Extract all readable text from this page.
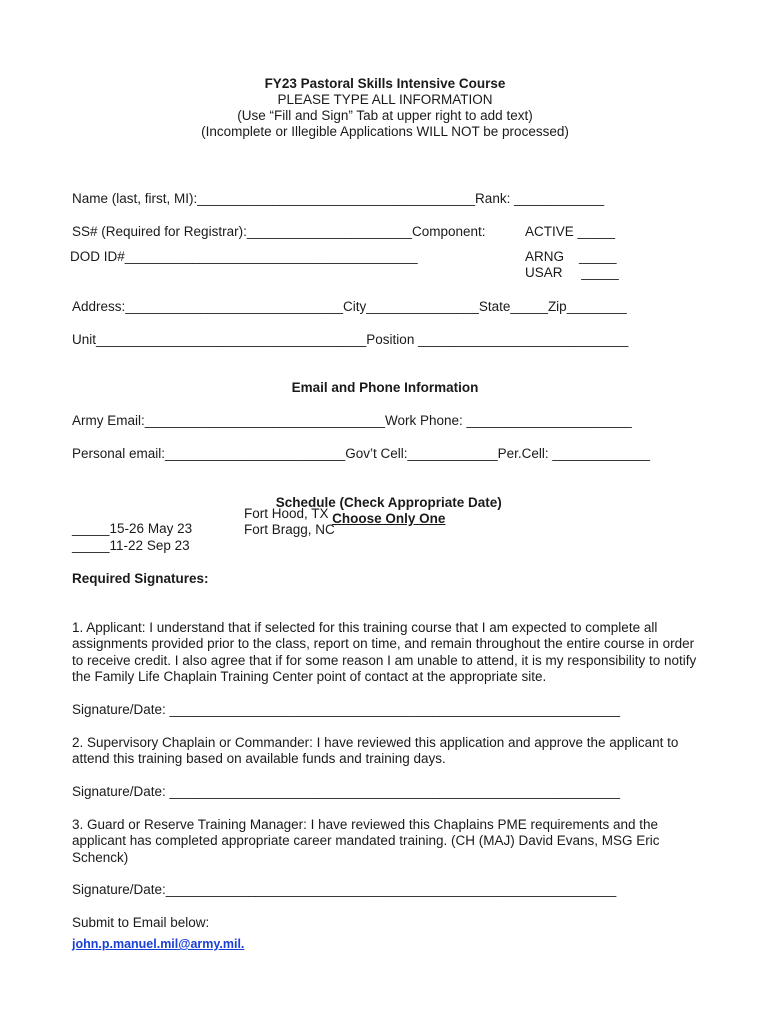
FY23 Pastoral Skills Intensive Course
PLEASE TYPE ALL INFORMATION
(Use “Fill and Sign” Tab at upper right to add text)
(Incomplete or Illegible Applications WILL NOT be processed)
Name (last, first, MI):_____________________________________Rank: ____________
SS# (Required for Registrar):______________________Component:	ACTIVE _____
DOD ID#_______________________________________	ARNG    _____
USAR     _____
Address:_____________________________City_______________State_____Zip________
Unit____________________________________Position ____________________________
Email and Phone Information
Army Email:________________________________Work Phone: ______________________
Personal email:________________________Gov’t Cell:____________Per.Cell: _____________

Schedule (Check Appropriate Date)
Choose Only One

Fort Hood, TX
Fort Bragg, NC
_____15-26 May 23
_____11-22 Sep 23
Required Signatures:
1. Applicant: I understand that if selected for this training course that I am expected to complete all assignments provided prior to the class, report on time, and remain throughout the entire course in order to receive credit. I also agree that if for some reason I am unable to attend, it is my responsibility to notify the Family Life Chaplain Training Center point of contact at the appropriate site.
Signature/Date: ____________________________________________________________
2. Supervisory Chaplain or Commander: I have reviewed this application and approve the applicant to attend this training based on available funds and training days.
Signature/Date: ____________________________________________________________
3. Guard or Reserve Training Manager: I have reviewed this Chaplains PME requirements and the applicant has completed appropriate career mandated training. (CH (MAJ) David Evans, MSG Eric Schenck)
Signature/Date:____________________________________________________________
Submit to Email below:
john.p.manuel.mil@army.mil.
